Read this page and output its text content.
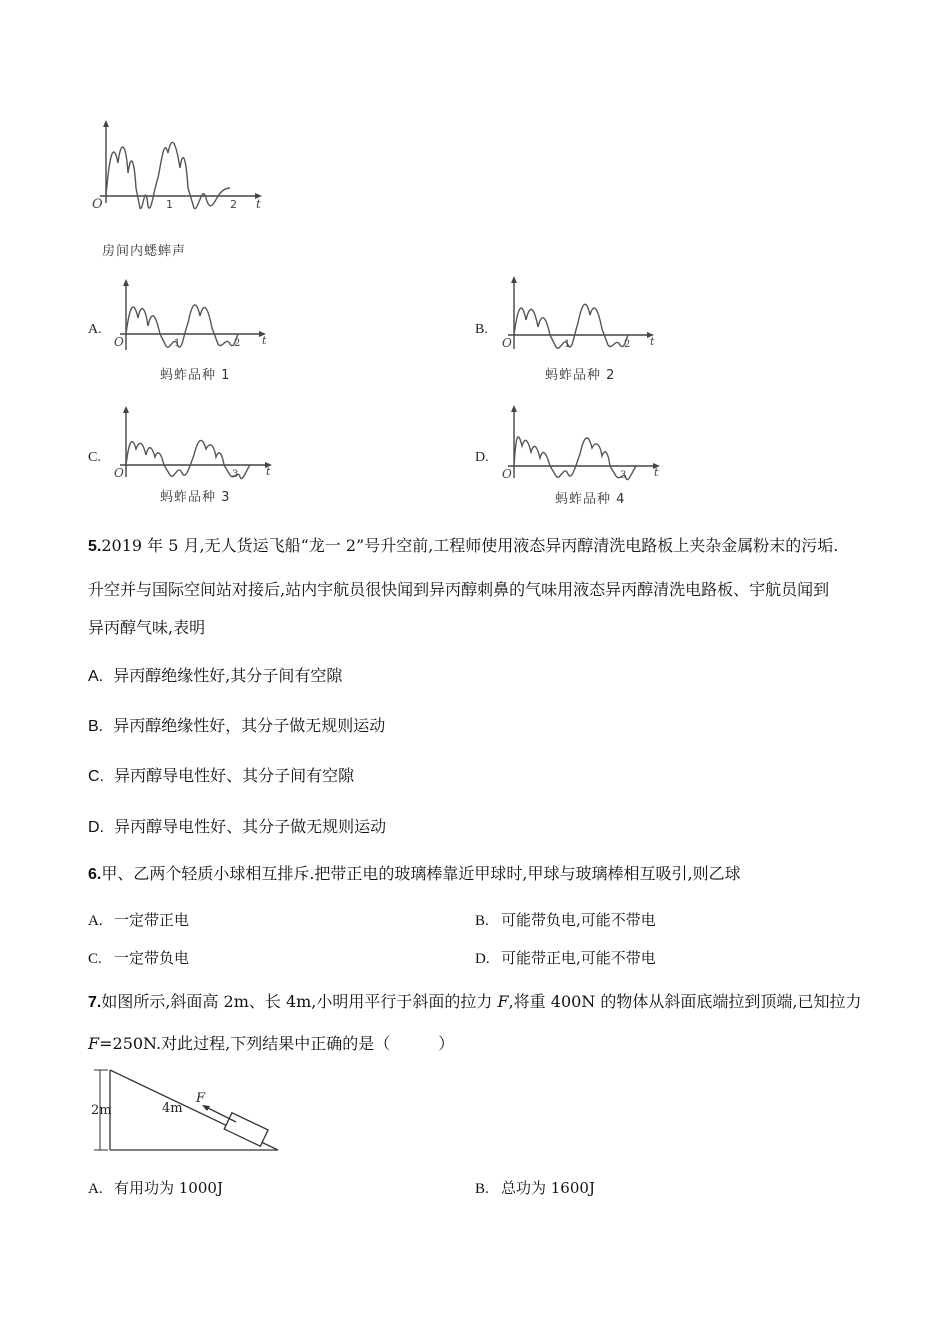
O	1	2 t
房间内蟋蟀声
A.
O	1	2 t
蚂蚱品种 1
B.
O	1	2 t
蚂蚱品种 2
C.
O	3	t
蚂蚱品种 3
D.
O	3	t
蚂蚱品种 4
5.2019 年 5 月,无人货运飞船“龙一 2”号升空前,工程师使用液态异丙醇清洗电路板上夹杂金属粉末的污垢.
升空并与国际空间站对接后,站内宇航员很快闻到异丙醇刺鼻的气味用液态异丙醇清洗电路板、宇航员闻到
异丙醇气味,表明
A. 异丙醇绝缘性好,其分子间有空隙
B. 异丙醇绝缘性好，其分子做无规则运动
C. 异丙醇导电性好、其分子间有空隙
D. 异丙醇导电性好、其分子做无规则运动
6.甲、乙两个轻质小球相互排斥.把带正电的玻璃棒靠近甲球时,甲球与玻璃棒相互吸引,则乙球
A. 一定带正电	B. 可能带负电,可能不带电
C. 一定带负电	D. 可能带正电,可能不带电
7.如图所示,斜面高 2m、长 4m,小明用平行于斜面的拉力 F,将重 400N 的物体从斜面底端拉到顶端,已知拉力
F=250N.对此过程,下列结果中正确的是（　　　）
2m	4m
F
A. 有用功为 1000J	B. 总功为 1600J
